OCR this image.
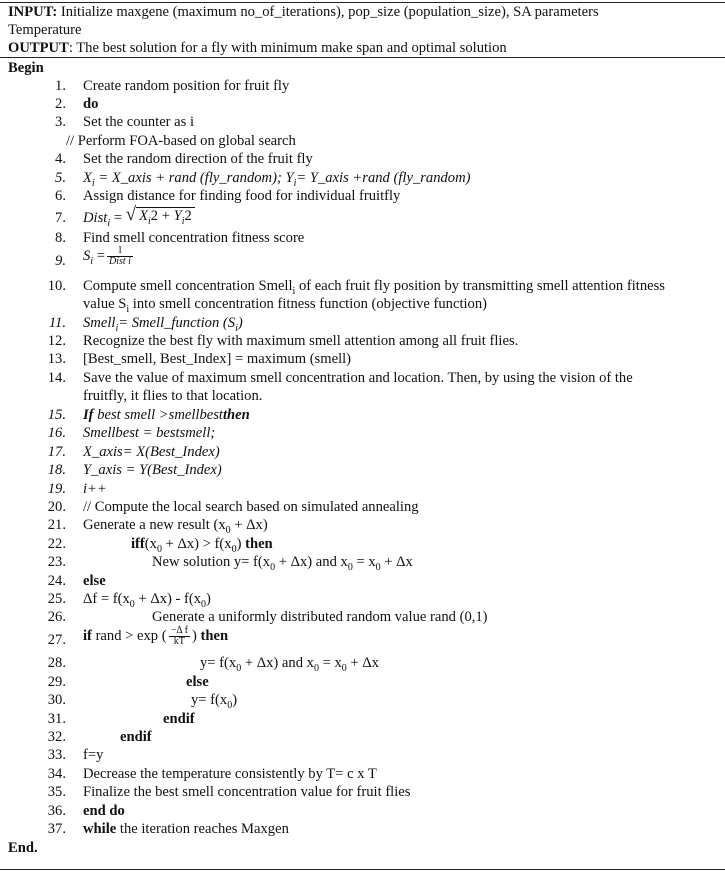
INPUT: Initialize maxgene (maximum no_of_iterations), pop_size (population_size), SA parameters
Temperature
OUTPUT: The best solution for a fly with minimum make span and optimal solution
Begin
1. Create random position for fruit fly
2. do
3. Set the counter as i
// Perform FOA-based on global search
4. Set the random direction of the fruit fly
5. $X_i$ = X_axis + rand (fly_random); $Y_i=$ Y_axis +rand (fly_random)
6. Assign distance for finding food for individual fruitfly
7. Dist$_i$ = √ $X_i2 + Y_i2$
8. Find smell concentration fitness score
9. $S_i = \frac{1}{\text{Dist i}}$
10. Compute smell concentration Smell$_i$ of each fruit fly position by transmitting smell attention fitness
value $S_i$ into smell concentration fitness function (objective function)
11. Smell$_i$= Smell_function $(S_i)$
12. Recognize the best fly with maximum smell attention among all fruit flies.
13. [Best_smell, Best_Index] = maximum (smell)
14. Save the value of maximum smell concentration and location. Then, by using the vision of the
fruitfly, it flies to that location.
15. If best smell >smellbestthen
16. Smellbest = bestsmell;
17. X_axis= X(Best_Index)
18. Y_axis = Y(Best_Index)
19. i++
20. // Compute the local search based on simulated annealing
21. Generate a new result $(x_0 + \Delta x)$
22.	$iff(x_0 + \Delta x) > f(x_0)$ then
23.	New solution $y= f(x_0 + \Delta x)$ and $x_0 = x_0 + \Delta x$
24. else
25. $\Delta f = f(x_0 + \Delta x) - f(x_0)$
26.	Generate a uniformly distributed random value rand (0,1)
27. if rand > exp ( $\frac{\text{−Δ f}}{kT}$ ) then
28.	$y= f(x_0 + \Delta x)$ and $x_0 = x_0 + \Delta x$
29.	else
30.	$y= f(x_0)$
31.	endif
32.	endif
33. f=y
34. Decrease the temperature consistently by T= c x T
35. Finalize the best smell concentration value for fruit flies
36. end do
37. while the iteration reaches Maxgen
End.
